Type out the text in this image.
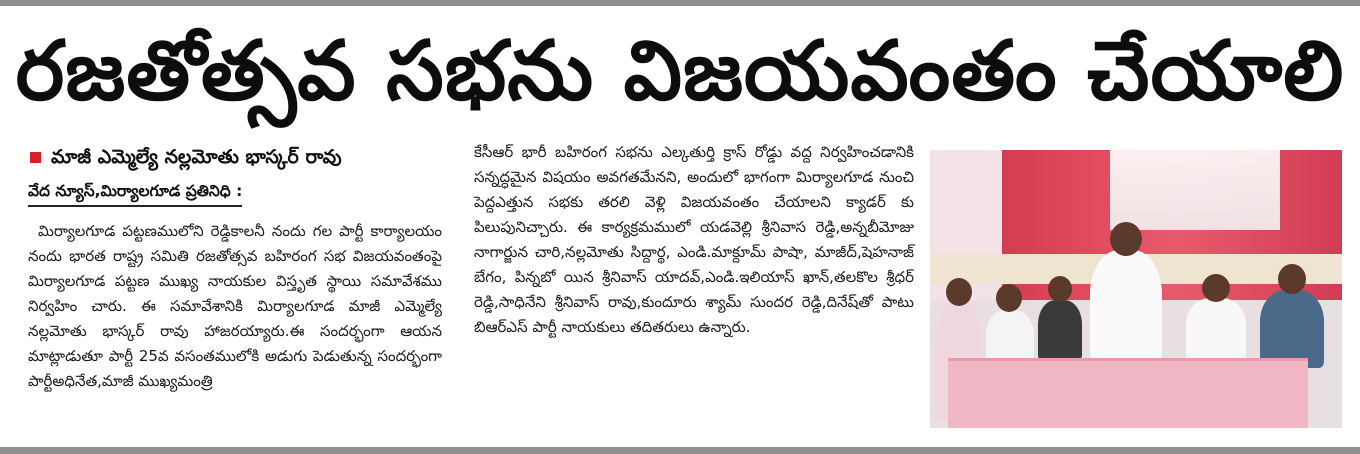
రజతోత్సవ సభను విజయవంతం చేయాలి
మాజీ ఎమ్మెల్యే నల్లమోతు భాస్కర్ రావు
వేద న్యూస్,మిర్యాలగూడ ప్రతినిధి :
మిర్యాలగూడ పట్టణములోని రెడ్డికాలనీ నందు గల పార్టీ కార్యాలయం నందు భారత రాష్ట్ర సమితి రజతోత్సవ బహిరంగ సభ విజయవంతంపై మిర్యాలగూడ పట్టణ ముఖ్య నాయకుల విస్తృత స్థాయి సమావేశము నిర్వహిం చారు. ఈ సమావేశానికి మిర్యాలగూడ మాజీ ఎమ్మెల్యే నల్లమోతు భాస్కర్ రావు హాజరయ్యారు.ఈ సందర్భంగా ఆయన మాట్లాడుతూ పార్టీ 25వ వసంతములోకి అడుగు పెడుతున్న సందర్భంగా పార్టీఅధినేత,మాజీ ముఖ్యమంత్రి
కేసీఆర్ భారీ బహిరంగ సభను ఎల్కతుర్తి క్రాస్ రోడ్డు వద్ద నిర్వహించడానికి సన్నద్ధమైన విషయం అవగతమేనని, అందులో భాగంగా మిర్యాలగూడ నుంచి పెద్దఎత్తున సభకు తరలి వెళ్లి విజయవంతం చేయాలని క్యాడర్ కు పిలుపునిచ్చారు. ఈ కార్యక్రమములో యడవెల్లి శ్రీనివాస రెడ్డి,అన్నబీమోజు నాగార్జున చారి,నల్లమోతు సిద్దార్థ, ఎండి.మాక్దూమ్ పాషా, మాజీద్,షెహనాజ్ బేగం, పిన్నబో యిన శ్రీనివాస్ యాదవ్,ఎండి.ఇలియాస్ ఖాన్,తలకొల శ్రీధర్ రెడ్డి,సాధినేని శ్రీనివాస్ రావు,కుందూరు శ్యామ్ సుందర రెడ్డి,దినేష్‌తో పాటు బిఆర్ఎస్ పార్టీ నాయకులు తదితరులు ఉన్నారు.
